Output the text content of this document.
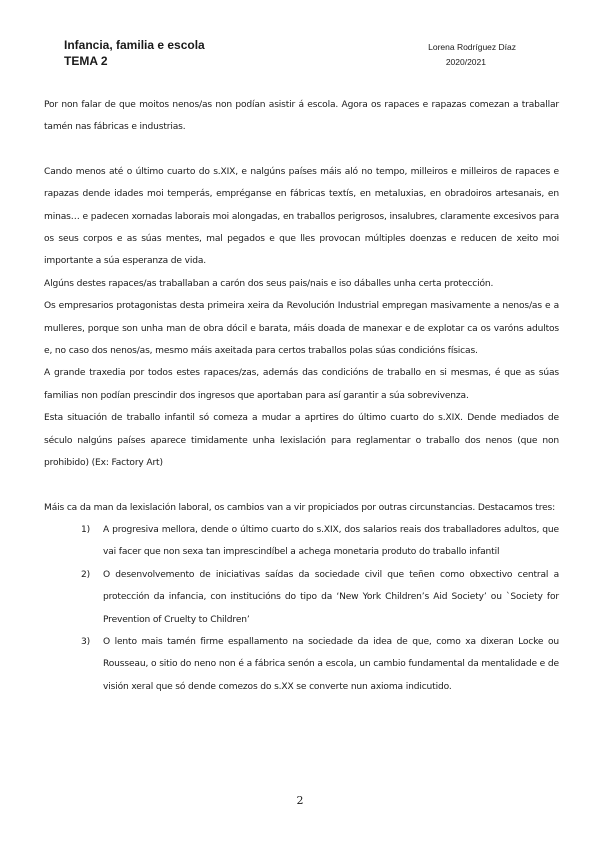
Infancia, familia e escola
TEMA 2
Lorena Rodríguez Díaz
2020/2021

Por non falar de que moitos nenos/as non podían asistir á escola. Agora os rapaces e rapazas comezan a traballar tamén nas fábricas e industrias.

Cando menos até o último cuarto do s.XIX, e nalgúns países máis aló no tempo, milleiros e milleiros de rapaces e rapazas dende idades moi temperás, empréganse en fábricas textís, en metaluxias, en obradoiros artesanais, en minas… e padecen xornadas laborais moi alongadas, en traballos perigrosos, insalubres, claramente excesivos para os seus corpos e as súas mentes, mal pegados e que lles provocan múltiples doenzas e reducen de xeito moi importante a súa esperanza de vida.

Algúns destes rapaces/as traballaban a carón dos seus pais/nais e iso dáballes unha certa protección.

Os empresarios protagonistas desta primeira xeira da Revolución Industrial empregan masivamente a nenos/as e a mulleres, porque son unha man de obra dócil e barata, máis doada de manexar e de explotar ca os varóns adultos e, no caso dos nenos/as, mesmo máis axeitada para certos traballos polas súas condicións físicas.

A grande traxedia por todos estes rapaces/zas, además das condicións de traballo en si mesmas, é que as súas familias non podían prescindir dos ingresos que aportaban para así garantir a súa sobrevivenza.

Esta situación de traballo infantil só comeza a mudar a aprtires do último cuarto do s.XIX. Dende mediados de século nalgúns países aparece timidamente unha lexislación para reglamentar o traballo dos nenos (que non prohibido) (Ex: Factory Art)

Máis ca da man da lexislación laboral, os cambios van a vir propiciados por outras circunstancias. Destacamos tres:

1) A progresiva mellora, dende o último cuarto do s.XIX, dos salarios reais dos traballadores adultos, que vai facer que non sexa tan imprescindíbel a achega monetaria produto do traballo infantil
2) O desenvolvemento de iniciativas saídas da sociedade civil que teñen como obxectivo central a protección da infancia, con institucións do tipo da ‘New York Children’s Aid Society’ ou `Society for Prevention of Cruelty to Children’
3) O lento mais tamén firme espallamento na sociedade da idea de que, como xa dixeran Locke ou Rousseau, o sitio do neno non é a fábrica senón a escola, un cambio fundamental da mentalidade e de visión xeral que só dende comezos do s.XX se converte nun axioma indicutido.
2
